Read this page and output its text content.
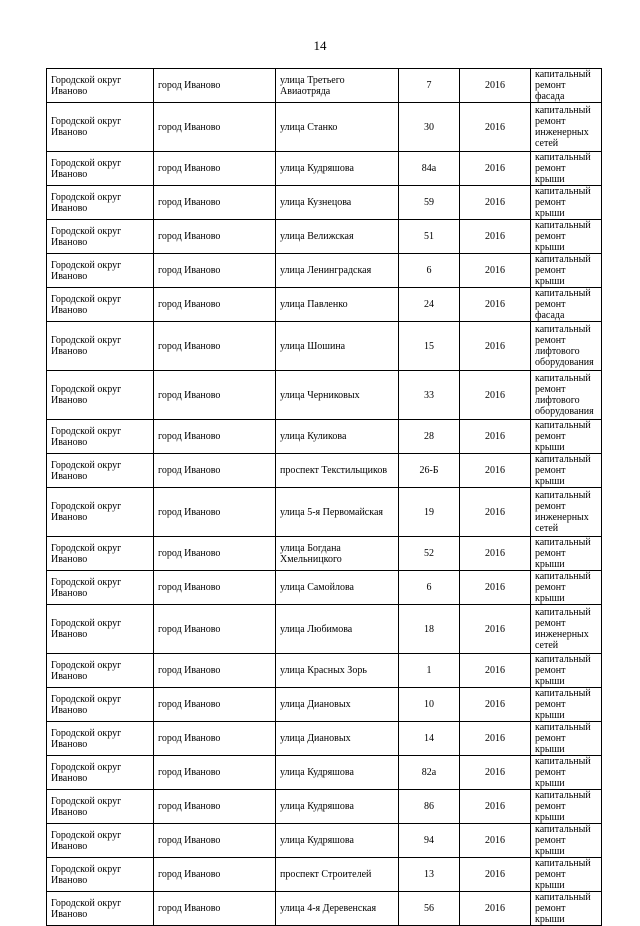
14
Городской округ Иваново	город Иваново	улица Третьего Авиаотряда	7	2016	капитальный ремонт фасада
Городской округ Иваново	город Иваново	улица Станко	30	2016	капитальный ремонт инженерных сетей
Городской округ Иваново	город Иваново	улица Кудряшова	84а	2016	капитальный ремонт крыши
Городской округ Иваново	город Иваново	улица Кузнецова	59	2016	капитальный ремонт крыши
Городской округ Иваново	город Иваново	улица Велижская	51	2016	капитальный ремонт крыши
Городской округ Иваново	город Иваново	улица Ленинградская	6	2016	капитальный ремонт крыши
Городской округ Иваново	город Иваново	улица Павленко	24	2016	капитальный ремонт фасада
Городской округ Иваново	город Иваново	улица Шошина	15	2016	капитальный ремонт лифтового оборудования
Городской округ Иваново	город Иваново	улица Черниковых	33	2016	капитальный ремонт лифтового оборудования
Городской округ Иваново	город Иваново	улица Куликова	28	2016	капитальный ремонт крыши
Городской округ Иваново	город Иваново	проспект Текстильщиков	26-Б	2016	капитальный ремонт крыши
Городской округ Иваново	город Иваново	улица 5-я Первомайская	19	2016	капитальный ремонт инженерных сетей
Городской округ Иваново	город Иваново	улица Богдана Хмельницкого	52	2016	капитальный ремонт крыши
Городской округ Иваново	город Иваново	улица Самойлова	6	2016	капитальный ремонт крыши
Городской округ Иваново	город Иваново	улица Любимова	18	2016	капитальный ремонт инженерных сетей
Городской округ Иваново	город Иваново	улица Красных Зорь	1	2016	капитальный ремонт крыши
Городской округ Иваново	город Иваново	улица Диановых	10	2016	капитальный ремонт крыши
Городской округ Иваново	город Иваново	улица Диановых	14	2016	капитальный ремонт крыши
Городской округ Иваново	город Иваново	улица Кудряшова	82а	2016	капитальный ремонт крыши
Городской округ Иваново	город Иваново	улица Кудряшова	86	2016	капитальный ремонт крыши
Городской округ Иваново	город Иваново	улица Кудряшова	94	2016	капитальный ремонт крыши
Городской округ Иваново	город Иваново	проспект Строителей	13	2016	капитальный ремонт крыши
Городской округ Иваново	город Иваново	улица 4-я Деревенская	56	2016	капитальный ремонт крыши
